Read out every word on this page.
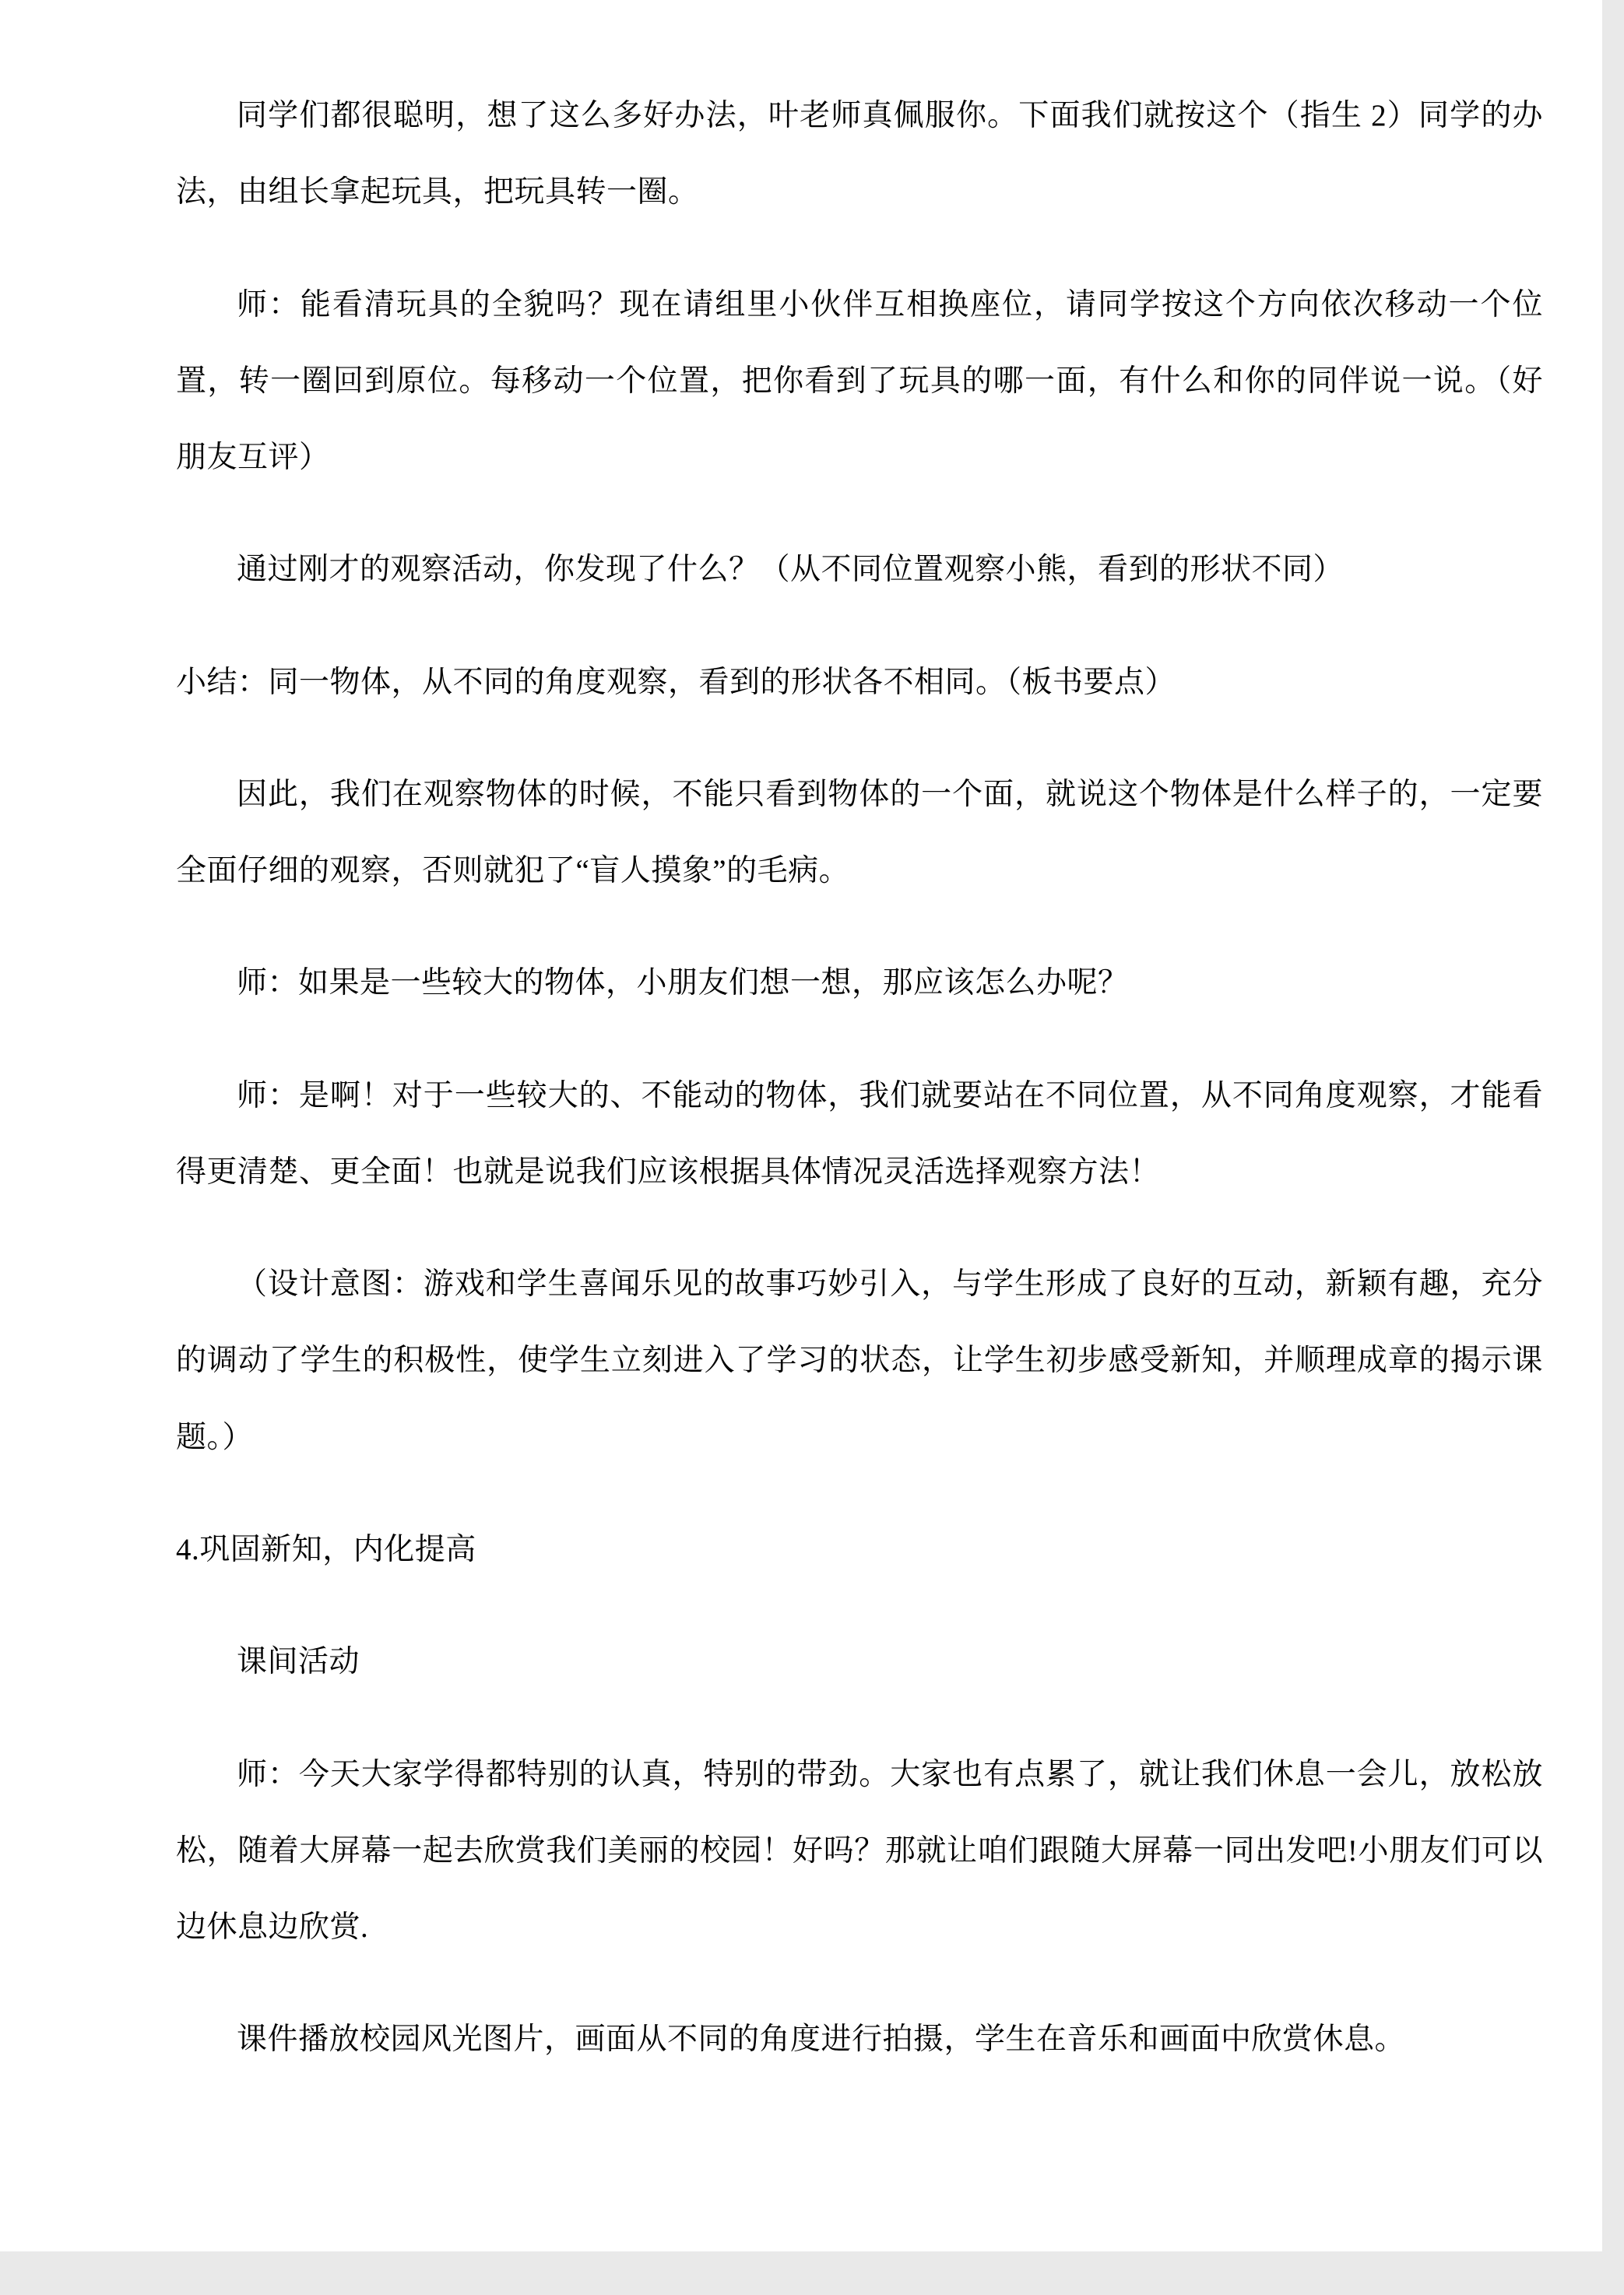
同学们都很聪明，想了这么多好办法，叶老师真佩服你。下面我们就按这个（指生 2）同学的办法，由组长拿起玩具，把玩具转一圈。

师：能看清玩具的全貌吗？现在请组里小伙伴互相换座位，请同学按这个方向依次移动一个位置，转一圈回到原位。每移动一个位置，把你看到了玩具的哪一面，有什么和你的同伴说一说。（好朋友互评）

通过刚才的观察活动，你发现了什么？（从不同位置观察小熊，看到的形状不同）

小结：同一物体，从不同的角度观察，看到的形状各不相同。（板书要点）

因此，我们在观察物体的时候，不能只看到物体的一个面，就说这个物体是什么样子的，一定要全面仔细的观察，否则就犯了“盲人摸象”的毛病。

师：如果是一些较大的物体，小朋友们想一想，那应该怎么办呢？

师：是啊！对于一些较大的、不能动的物体，我们就要站在不同位置，从不同角度观察，才能看得更清楚、更全面！也就是说我们应该根据具体情况灵活选择观察方法！

（设计意图：游戏和学生喜闻乐见的故事巧妙引入，与学生形成了良好的互动，新颖有趣，充分的调动了学生的积极性，使学生立刻进入了学习的状态，让学生初步感受新知，并顺理成章的揭示课题。）

4.巩固新知，内化提高

课间活动

师：今天大家学得都特别的认真，特别的带劲。大家也有点累了，就让我们休息一会儿，放松放松，随着大屏幕一起去欣赏我们美丽的校园！好吗？那就让咱们跟随大屏幕一同出发吧!小朋友们可以边休息边欣赏.

课件播放校园风光图片，画面从不同的角度进行拍摄，学生在音乐和画面中欣赏休息。
